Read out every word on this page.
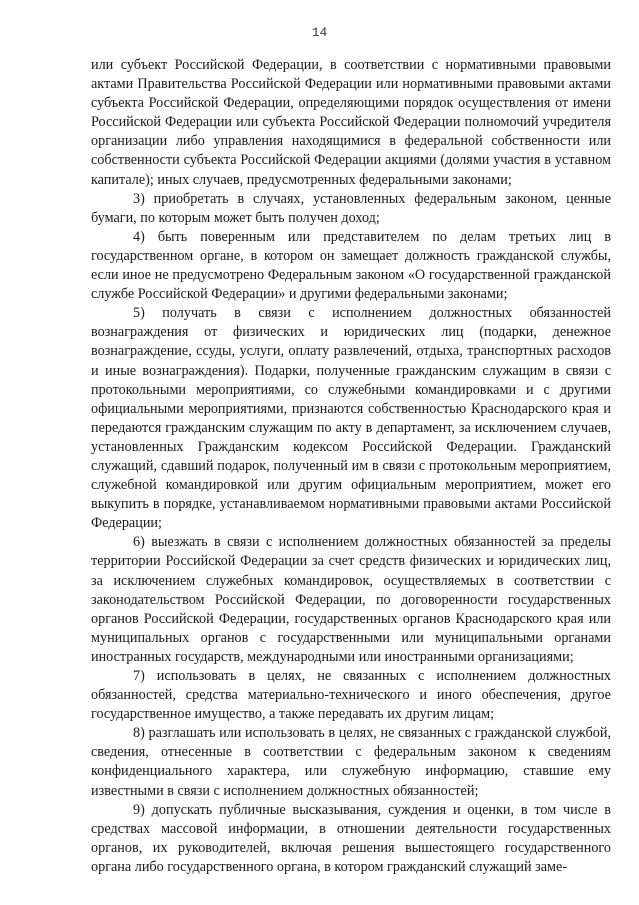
14

или субъект Российской Федерации, в соответствии с нормативными правовыми актами Правительства Российской Федерации или нормативными правовыми актами субъекта Российской Федерации, определяющими порядок осуществления от имени Российской Федерации или субъекта Российской Федерации полномочий учредителя организации либо управления находящимися в федеральной собственности или собственности субъекта Российской Федерации акциями (долями участия в уставном капитале); иных случаев, предусмотренных федеральными законами;

3) приобретать в случаях, установленных федеральным законом, ценные бумаги, по которым может быть получен доход;

4) быть поверенным или представителем по делам третьих лиц в государственном органе, в котором он замещает должность гражданской службы, если иное не предусмотрено Федеральным законом «О государственной гражданской службе Российской Федерации» и другими федеральными законами;

5) получать в связи с исполнением должностных обязанностей вознаграждения от физических и юридических лиц (подарки, денежное вознаграждение, ссуды, услуги, оплату развлечений, отдыха, транспортных расходов и иные вознаграждения). Подарки, полученные гражданским служащим в связи с протокольными мероприятиями, со служебными командировками и с другими официальными мероприятиями, признаются собственностью Краснодарского края и передаются гражданским служащим по акту в департамент, за исключением случаев, установленных Гражданским кодексом Российской Федерации. Гражданский служащий, сдавший подарок, полученный им в связи с протокольным мероприятием, служебной командировкой или другим официальным мероприятием, может его выкупить в порядке, устанавливаемом нормативными правовыми актами Российской Федерации;

6) выезжать в связи с исполнением должностных обязанностей за пределы территории Российской Федерации за счет средств физических и юридических лиц, за исключением служебных командировок, осуществляемых в соответствии с законодательством Российской Федерации, по договоренности государственных органов Российской Федерации, государственных органов Краснодарского края или муниципальных органов с государственными или муниципальными органами иностранных государств, международными или иностранными организациями;

7) использовать в целях, не связанных с исполнением должностных обязанностей, средства материально-технического и иного обеспечения, другое государственное имущество, а также передавать их другим лицам;

8) разглашать или использовать в целях, не связанных с гражданской службой, сведения, отнесенные в соответствии с федеральным законом к сведениям конфиденциального характера, или служебную информацию, ставшие ему известными в связи с исполнением должностных обязанностей;

9) допускать публичные высказывания, суждения и оценки, в том числе в средствах массовой информации, в отношении деятельности государственных органов, их руководителей, включая решения вышестоящего государственного органа либо государственного органа, в котором гражданский служащий заме-
